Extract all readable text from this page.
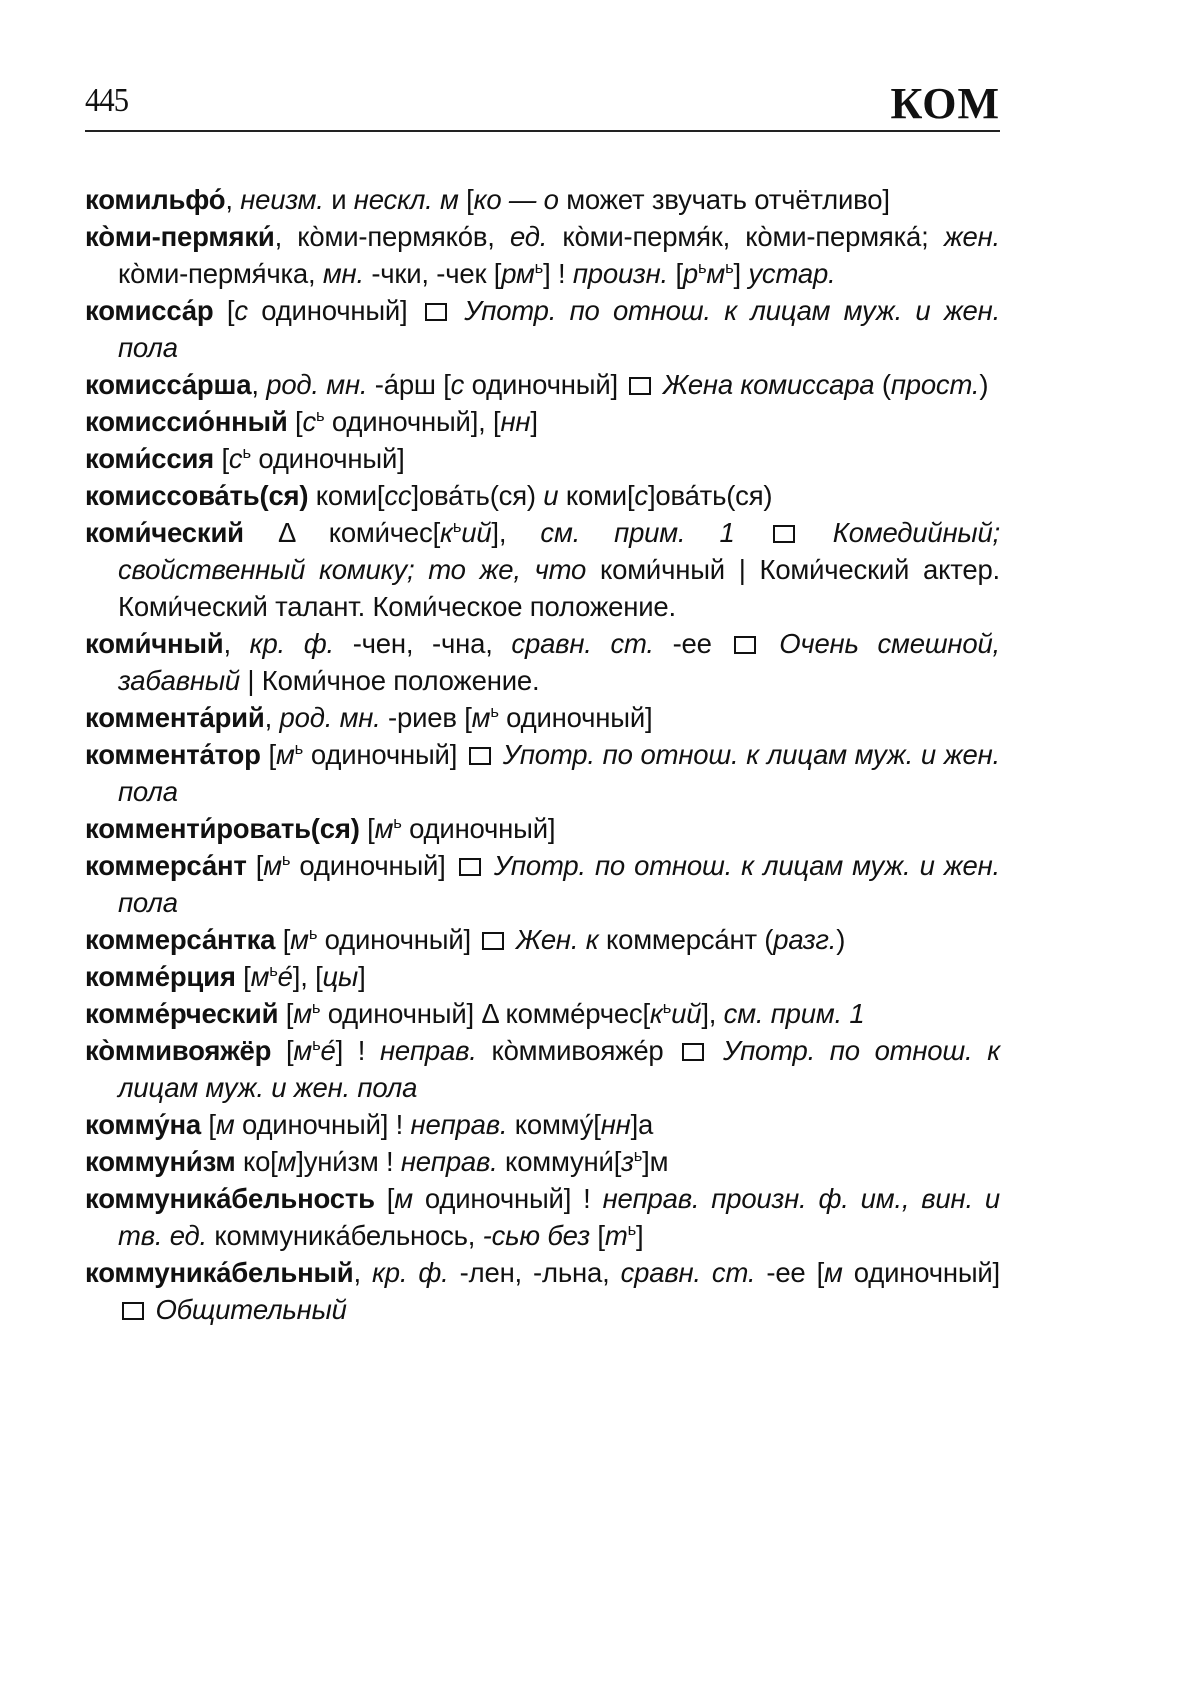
445	КОМ
комильфо́, неизм. и нескл. м [ко — о может звучать отчётливо]
ко̀ми-пермяки́, ко̀ми-пермяко́в, ед. ко̀ми-пермя́к, ко̀ми-пермяка́; жен. ко̀ми-пермя́чка, мн. -чки, -чек $[рм^ь]$ ! произн. $[р^ьм^ь]$ устар.
комисса́р [с одиночный]  Употр. по отнош. к лицам муж. и жен. пола
комисса́рша, род. мн. -а́рш [с одиночный]  Жена комиссара (прост.)
комиссио́нный [$с^ь$ одиночный], [нн]
коми́ссия [$с^ь$ одиночный]
комиссова́ть(ся) коми[сс]ова́ть(ся) и коми[с]ова́ть(ся)
коми́ческий Δ $коми́чес[к^ьий]$, см. прим. 1  Комедийный; свойственный комику; то же, что коми́чный | Коми́ческий актер. Коми́ческий талант. Коми́ческое положение.
коми́чный, кр. ф. -чен, -чна, сравн. ст. -ее  Очень смешной, забавный | Коми́чное положение.
коммента́рий, род. мн. -риев [$м^ь$ одиночный]
коммента́тор [$м^ь$ одиночный]  Употр. по отнош. к лицам муж. и жен. пола
комменти́ровать(ся) [$м^ь$ одиночный]
коммерса́нт [$м^ь$ одиночный]  Употр. по отнош. к лицам муж. и жен. пола
коммерса́нтка [$м^ь$ одиночный]  Жен. к коммерса́нт (разг.)
комме́рция $[м^ье́]$, [цы]
комме́рческий [$м^ь$ одиночный] Δ $комме́рчес[к^ьий]$, см. прим. 1
ко̀ммивояжёр $[м^ье́]$ ! неправ. ко̀ммивояже́р  Употр. по отнош. к лицам муж. и жен. пола
комму́на [м одиночный] ! неправ. комму́[нн]а
коммуни́зм ко[м]уни́зм ! неправ. $коммуни́[з^ь]м$
коммуника́бельность [м одиночный] ! неправ. произн. ф. им., вин. и тв. ед. коммуника́бельнось, -сью без $[т^ь]$
коммуника́бельный, кр. ф. -лен, -льна, сравн. ст. -ее [м одиночный]  Общительный
